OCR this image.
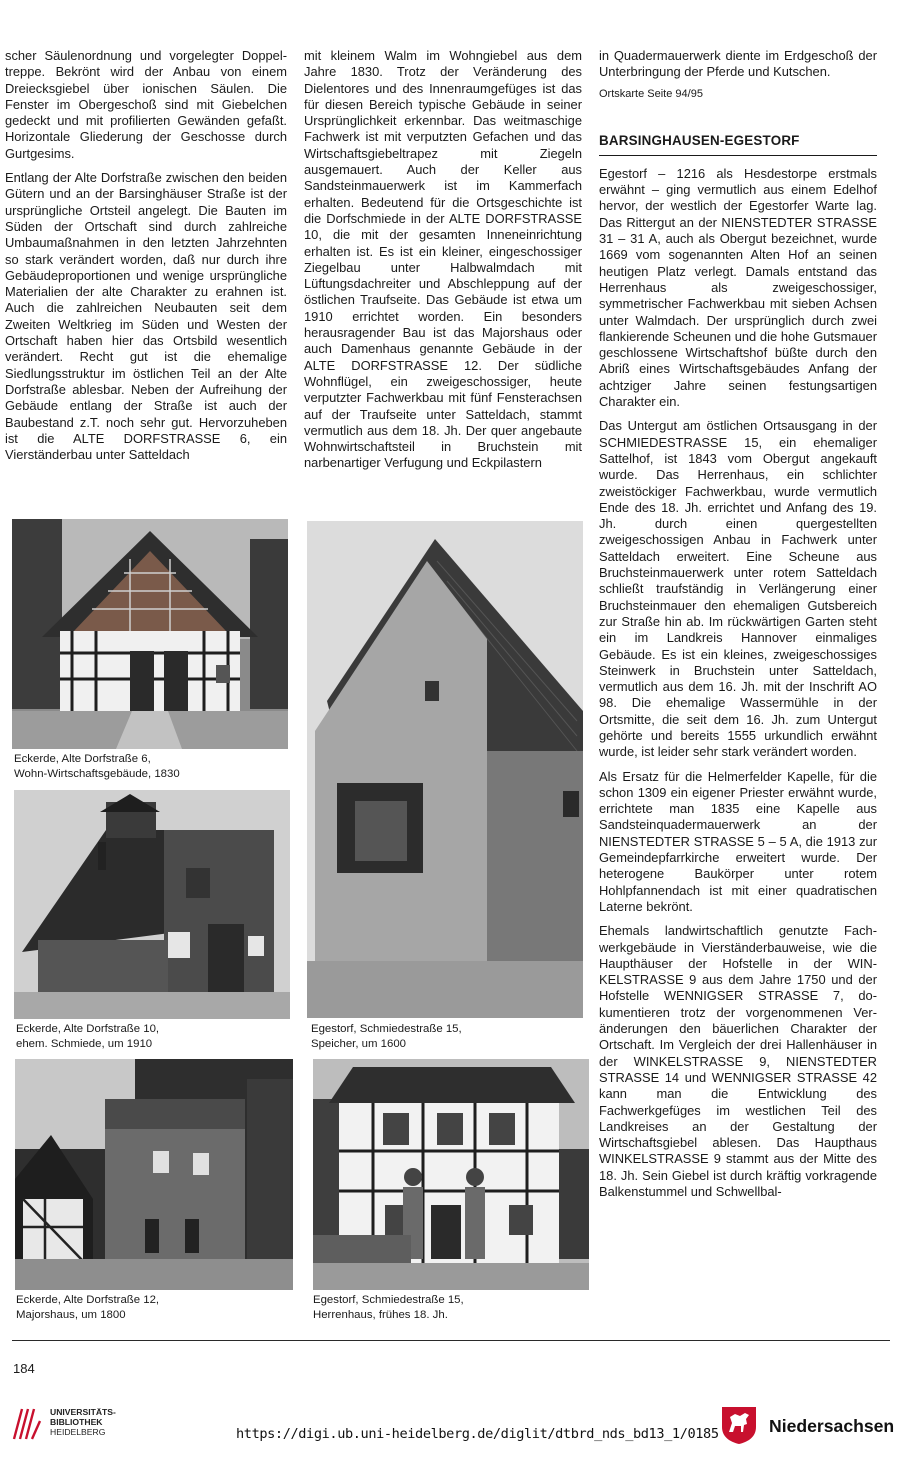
scher Säulenordnung und vorgelegter Doppeltreppe. Bekrönt wird der Anbau von einem Dreiecksgiebel über ionischen Säulen. Die Fenster im Obergeschoß sind mit Giebelchen gedeckt und mit profilierten Gewänden gefaßt. Horizontale Gliederung der Geschosse durch Gurtgesims.

Entlang der Alte Dorfstraße zwischen den beiden Gütern und an der Barsinghäuser Straße ist der ursprüngliche Ortsteil angelegt. Die Bauten im Süden der Ortschaft sind durch zahlreiche Umbaumaßnahmen in den letzten Jahrzehnten so stark verändert worden, daß nur durch ihre Gebäudeproportionen und wenige ursprüngliche Materialien der alte Charakter zu erahnen ist. Auch die zahlreichen Neubauten seit dem Zweiten Weltkrieg im Süden und Westen der Ortschaft haben hier das Ortsbild wesentlich verändert. Recht gut ist die ehemalige Siedlungsstruktur im östlichen Teil an der Alte Dorfstraße ablesbar. Neben der Aufreihung der Gebäude entlang der Straße ist auch der Baubestand z.T. noch sehr gut. Hervorzuheben ist die ALTE DORFSTRASSE 6, ein Vierständerbau unter Satteldach

mit kleinem Walm im Wohngiebel aus dem Jahre 1830. Trotz der Veränderung des Dielentores und des Innenraumgefüges ist das für diesen Bereich typische Gebäude in seiner Ursprünglichkeit erkennbar. Das weitmaschige Fachwerk ist mit verputzten Gefachen und das Wirtschaftsgiebeltrapez mit Ziegeln ausgemauert. Auch der Keller aus Sandsteinmauerwerk ist im Kammerfach erhalten. Bedeutend für die Ortsgeschichte ist die Dorfschmiede in der ALTE DORFSTRASSE 10, die mit der gesamten Inneneinrichtung erhalten ist. Es ist ein kleiner, eingeschossiger Ziegelbau unter Halbwalmdach mit Lüftungsdachreiter und Abschleppung auf der östlichen Traufseite. Das Gebäude ist etwa um 1910 errichtet worden. Ein besonders herausragender Bau ist das Majorshaus oder auch Damenhaus genannte Gebäude in der ALTE DORFSTRASSE 12. Der südliche Wohnflügel, ein zweigeschossiger, heute verputzter Fachwerkbau mit fünf Fensterachsen auf der Traufseite unter Satteldach, stammt vermutlich aus dem 18. Jh. Der quer angebaute Wohnwirtschaftsteil in Bruchstein mit narbenartiger Verfugung und Eckpilastern

in Quadermauerwerk diente im Erdgeschoß der Unterbringung der Pferde und Kutschen.

Ortskarte Seite 94/95

BARSINGHAUSEN-EGESTORF

Egestorf – 1216 als Hesdestorpe erstmals erwähnt – ging vermutlich aus einem Edelhof hervor, der westlich der Egestorfer Warte lag. Das Rittergut an der NIENSTEDTER STRASSE 31 – 31 A, auch als Obergut bezeichnet, wurde 1669 vom sogenannten Alten Hof an seinen heutigen Platz verlegt. Damals entstand das Herrenhaus als zweigeschossiger, symmetrischer Fachwerkbau mit sieben Achsen unter Walmdach. Der ursprünglich durch zwei flankierende Scheunen und die hohe Gutsmauer geschlossene Wirtschaftshof büßte durch den Abriß eines Wirtschaftsgebäudes Anfang der achtziger Jahre seinen festungsartigen Charakter ein.

Das Untergut am östlichen Ortsausgang in der SCHMIEDESTRASSE 15, ein ehemaliger Sattelhof, ist 1843 vom Obergut angekauft wurde. Das Herrenhaus, ein schlichter zweistöckiger Fachwerkbau, wurde vermutlich Ende des 18. Jh. errichtet und Anfang des 19. Jh. durch einen quergestellten zweigeschossigen Anbau in Fachwerk unter Satteldach erweitert. Eine Scheune aus Bruchsteinmauerwerk unter rotem Satteldach schließt traufständig in Verlängerung einer Bruchsteinmauer den ehemaligen Gutsbereich zur Straße hin ab. Im rückwärtigen Garten steht ein im Landkreis Hannover einmaliges Gebäude. Es ist ein kleines, zweigeschossiges Steinwerk in Bruchstein unter Satteldach, vermutlich aus dem 16. Jh. mit der Inschrift AO 98. Die ehemalige Wassermühle in der Ortsmitte, die seit dem 16. Jh. zum Untergut gehörte und bereits 1555 urkundlich erwähnt wurde, ist leider sehr stark verändert worden.

Als Ersatz für die Helmerfelder Kapelle, für die schon 1309 ein eigener Priester erwähnt wurde, errichtete man 1835 eine Kapelle aus Sandsteinquadermauerwerk an der NIENSTEDTER STRASSE 5 – 5 A, die 1913 zur Gemeindepfarrkirche erweitert wurde. Der heterogene Baukörper unter rotem Hohlpfannendach ist mit einer quadratischen Laterne bekrönt.

Ehemals landwirtschaftlich genutzte Fachwerkgebäude in Vierständerbauweise, wie die Haupthäuser der Hofstelle in der WINKELSTRASSE 9 aus dem Jahre 1750 und der Hofstelle WENNIGSER STRASSE 7, dokumentieren trotz der vorgenommenen Veränderungen den bäuerlichen Charakter der Ortschaft. Im Vergleich der drei Hallenhäuser in der WINKELSTRASSE 9, NIENSTEDTER STRASSE 14 und WENNIGSER STRASSE 42 kann man die Entwicklung des Fachwerkgefüges im westlichen Teil des Landkreises an der Gestaltung der Wirtschaftsgiebel ablesen. Das Haupthaus WINKELSTRASSE 9 stammt aus der Mitte des 18. Jh. Sein Giebel ist durch kräftig vorkragende Balkenstummel und Schwellbal-

Eckerde, Alte Dorfstraße 6,
Wohn-Wirtschaftsgebäude, 1830
Eckerde, Alte Dorfstraße 10,
ehem. Schmiede, um 1910
Egestorf, Schmiedestraße 15,
Speicher, um 1600
Eckerde, Alte Dorfstraße 12,
Majorshaus, um 1800
Egestorf, Schmiedestraße 15,
Herrenhaus, frühes 18. Jh.
184
UNIVERSITÄTS-
BIBLIOTHEK
HEIDELBERG	https://digi.ub.uni-heidelberg.de/diglit/dtbrd_nds_bd13_1/0185	Niedersachsen
